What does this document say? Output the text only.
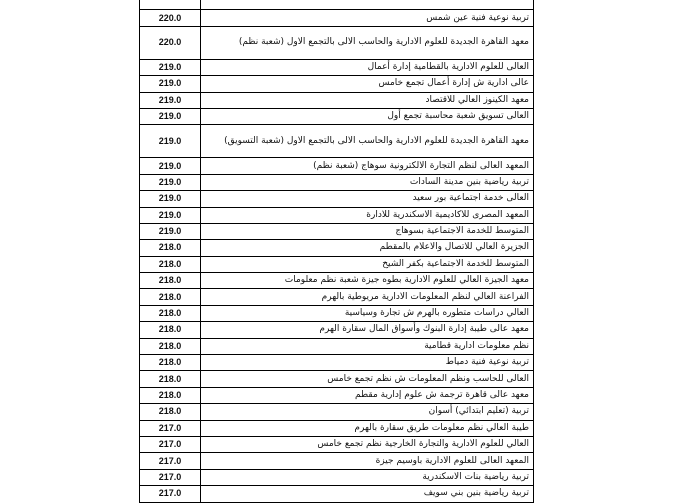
220.0	تربية نوعية فنية عين شمس
220.0	معهد القاهرة الجديدة للعلوم الادارية والحاسب الالى بالتجمع الاول (شعبة نظم)
219.0	العالى للعلوم الادارية بالقطامية إدارة أعمال
219.0	عالى ادارية ش إدارة أعمال تجمع خامس
219.0	معهد الكينوز العالي للاقتصاد
219.0	العالى تسويق شعبة محاسبة تجمع أول
219.0	معهد القاهرة الجديدة للعلوم الادارية والحاسب الالى بالتجمع الاول (شعبة التسويق)
219.0	المعهد العالى لنظم التجارة الالكترونية سوهاج (شعبة نظم)
219.0	تربية رياضية بنين مدينة السادات
219.0	العالى خدمة اجتماعية بور سعيد
219.0	المعهد المصرى للاكاديمية الاسكندرية للادارة
219.0	المتوسط للخدمة الاجتماعية بسوهاج
218.0	الجزيرة العالي للاتصال والاعلام بالمقطم
218.0	المتوسط للخدمة الاجتماعية بكفر الشيخ
218.0	معهد الجيزة العالي للعلوم الادارية بطوه جيزة شعبة نظم معلومات
218.0	الفراعنة العالي لنظم المعلومات الادارية مريوطية بالهرم
218.0	العالي دراسات متطوره بالهرم ش تجارة وسياسية
218.0	معهد عالى طيبة إدارة البنوك وأسواق المال سقارة الهرم
218.0	نظم معلومات ادارية قطامية
218.0	تربية نوعية فنية دمياط
218.0	العالى للحاسب ونظم المعلومات ش نظم تجمع خامس
218.0	معهد عالى قاهرة ترجمة ش علوم إدارية مقطم
218.0	تربية (تعليم ابتدائي) أسوان
217.0	طيبة العالي نظم معلومات طريق سقارة بالهرم
217.0	العالي للعلوم الادارية والتجارة الخارجية نظم تجمع خامس
217.0	المعهد العالى للعلوم الادارية باوسيم جيزة
217.0	تربية رياضية بنات الاسكندرية
217.0	تربية رياضية بنين بني سويف
